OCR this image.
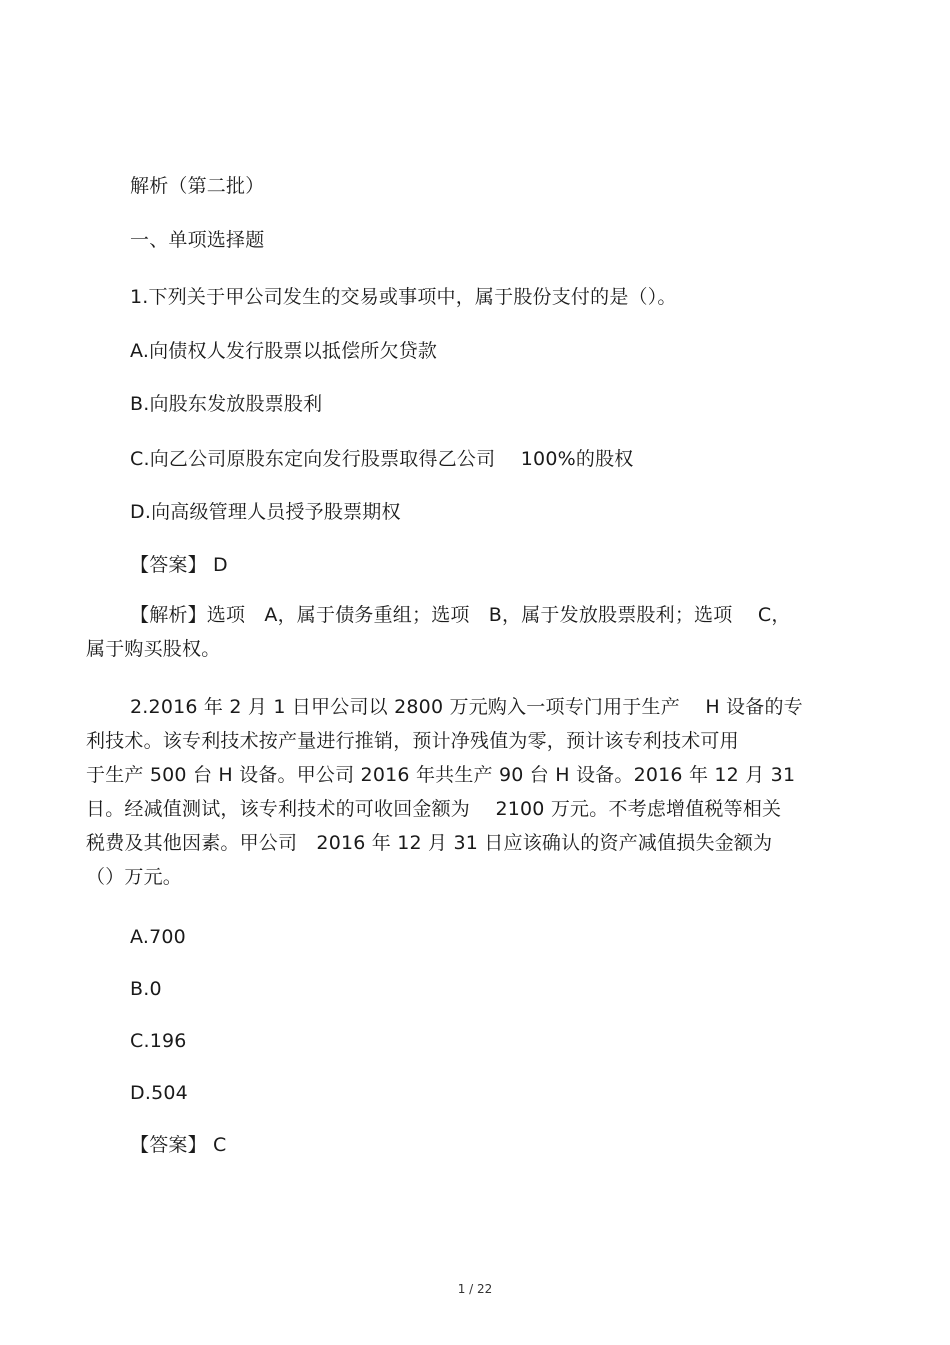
解析（第二批）
一、单项选择题
1.下列关于甲公司发生的交易或事项中，属于股份支付的是（）。
A.向债权人发行股票以抵偿所欠贷款
B.向股东发放股票股利
C.向乙公司原股东定向发行股票取得乙公司　 100%的股权
D.向高级管理人员授予股票期权
【答案】 D
【解析】选项　A，属于债务重组；选项　B，属于发放股票股利；选项　 C，
属于购买股权。
2.2016 年 2 月 1 日甲公司以 2800 万元购入一项专门用于生产　 H 设备的专
利技术。该专利技术按产量进行推销，预计净残值为零，预计该专利技术可用
于生产 500 台 H 设备。甲公司 2016 年共生产 90 台 H 设备。2016 年 12 月 31
日。经减值测试，该专利技术的可收回金额为　 2100 万元。不考虑增值税等相关
税费及其他因素。甲公司　2016 年 12 月 31 日应该确认的资产减值损失金额为
（）万元。
A.700
B.0
C.196
D.504
【答案】 C
1 / 22
